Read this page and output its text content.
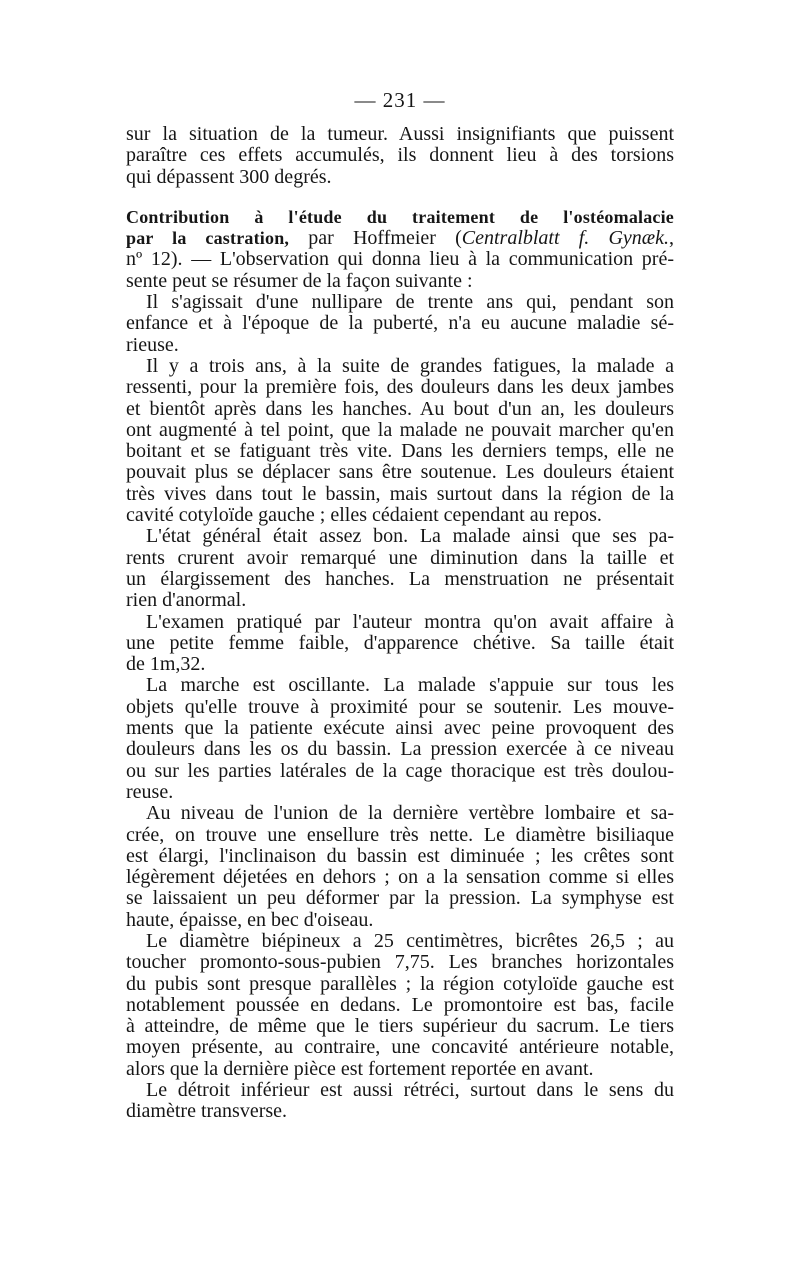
— 231 —
sur la situation de la tumeur. Aussi insignifiants que puissent
paraître ces effets accumulés, ils donnent lieu à des torsions
qui dépassent 300 degrés.
Contribution à l'étude du traitement de l'ostéomalacie
par la castration, par Hoffmeier (Centralblatt f. Gynæk.,
nº 12). — L'observation qui donna lieu à la communication pré-
sente peut se résumer de la façon suivante :
Il s'agissait d'une nullipare de trente ans qui, pendant son
enfance et à l'époque de la puberté, n'a eu aucune maladie sé-
rieuse.
Il y a trois ans, à la suite de grandes fatigues, la malade a
ressenti, pour la première fois, des douleurs dans les deux jambes
et bientôt après dans les hanches. Au bout d'un an, les douleurs
ont augmenté à tel point, que la malade ne pouvait marcher qu'en
boitant et se fatiguant très vite. Dans les derniers temps, elle ne
pouvait plus se déplacer sans être soutenue. Les douleurs étaient
très vives dans tout le bassin, mais surtout dans la région de la
cavité cotyloïde gauche ; elles cédaient cependant au repos.
L'état général était assez bon. La malade ainsi que ses pa-
rents crurent avoir remarqué une diminution dans la taille et
un élargissement des hanches. La menstruation ne présentait
rien d'anormal.
L'examen pratiqué par l'auteur montra qu'on avait affaire à
une petite femme faible, d'apparence chétive. Sa taille était
de 1m,32.
La marche est oscillante. La malade s'appuie sur tous les
objets qu'elle trouve à proximité pour se soutenir. Les mouve-
ments que la patiente exécute ainsi avec peine provoquent des
douleurs dans les os du bassin. La pression exercée à ce niveau
ou sur les parties latérales de la cage thoracique est très doulou-
reuse.
Au niveau de l'union de la dernière vertèbre lombaire et sa-
crée, on trouve une ensellure très nette. Le diamètre bisiliaque
est élargi, l'inclinaison du bassin est diminuée ; les crêtes sont
légèrement déjetées en dehors ; on a la sensation comme si elles
se laissaient un peu déformer par la pression. La symphyse est
haute, épaisse, en bec d'oiseau.
Le diamètre biépineux a 25 centimètres, bicrêtes 26,5 ; au
toucher promonto-sous-pubien 7,75. Les branches horizontales
du pubis sont presque parallèles ; la région cotyloïde gauche est
notablement poussée en dedans. Le promontoire est bas, facile
à atteindre, de même que le tiers supérieur du sacrum. Le tiers
moyen présente, au contraire, une concavité antérieure notable,
alors que la dernière pièce est fortement reportée en avant.
Le détroit inférieur est aussi rétréci, surtout dans le sens du
diamètre transverse.
